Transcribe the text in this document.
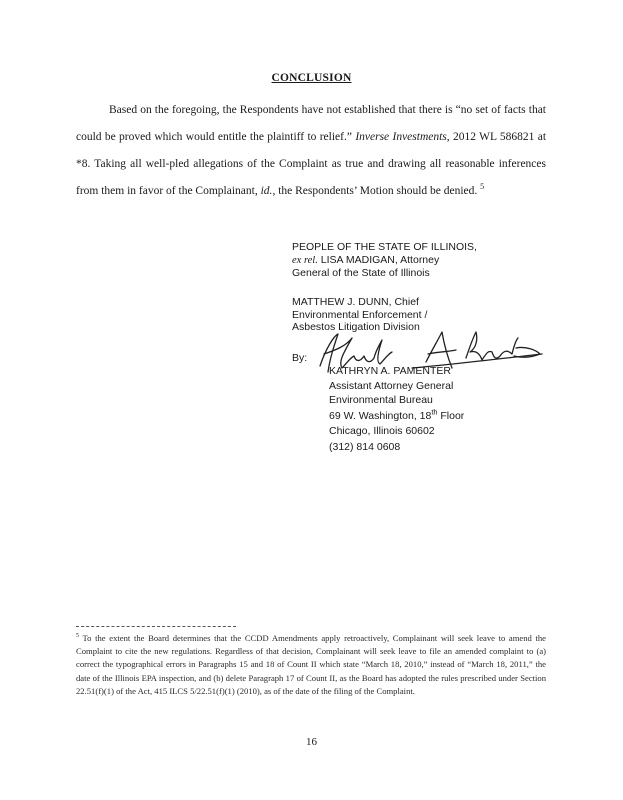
CONCLUSION
Based on the foregoing, the Respondents have not established that there is “no set of facts that could be proved which would entitle the plaintiff to relief.” Inverse Investments, 2012 WL 586821 at *8. Taking all well-pled allegations of the Complaint as true and drawing all reasonable inferences from them in favor of the Complainant, id., the Respondents’ Motion should be denied. $^5$
PEOPLE OF THE STATE OF ILLINOIS,
ex rel. LISA MADIGAN, Attorney
General of the State of Illinois
MATTHEW J. DUNN, Chief
Environmental Enforcement /
Asbestos Litigation Division
By:
KATHRYN A. PAMENTER
Assistant Attorney General
Environmental Bureau
69 W. Washington, 18th Floor
Chicago, Illinois 60602
(312) 814 0608
$^5$ To the extent the Board determines that the CCDD Amendments apply retroactively, Complainant will seek leave to amend the Complaint to cite the new regulations. Regardless of that decision, Complainant will seek leave to file an amended complaint to (a) correct the typographical errors in Paragraphs 15 and 18 of Count II which state “March 18, 2010,” instead of “March 18, 2011,” the date of the Illinois EPA inspection, and (b) delete Paragraph 17 of Count II, as the Board has adopted the rules prescribed under Section 22.51(f)(1) of the Act, 415 ILCS 5/22.51(f)(1) (2010), as of the date of the filing of the Complaint.
16
